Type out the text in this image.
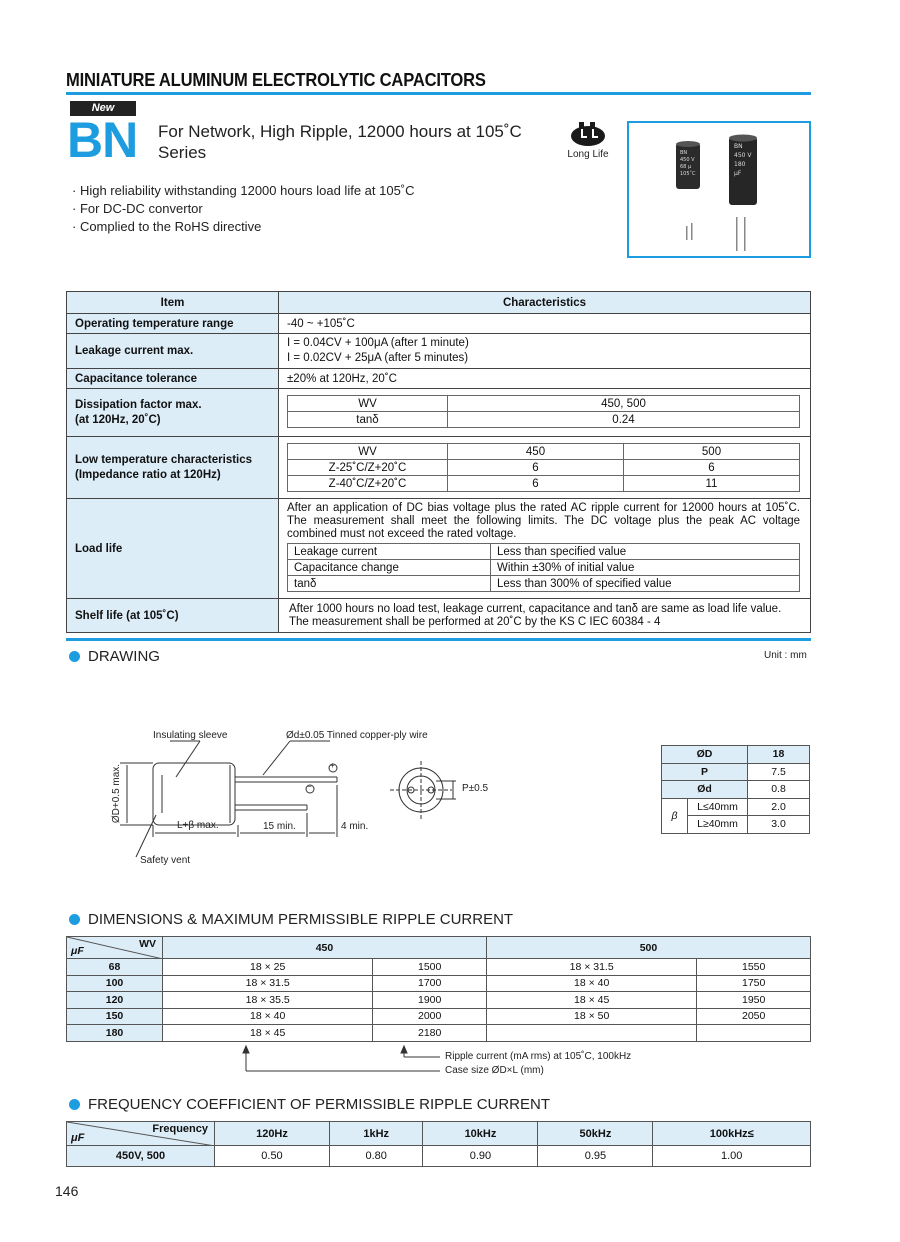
MINIATURE ALUMINUM ELECTROLYTIC CAPACITORS
New
BN For Network, High Ripple, 12000 hours at 105˚C
Series	Long Life	BN
450 V
68 μ
105˚C
BN
450 V
180
μF
· High reliability withstanding 12000 hours load life at 105˚C
· For DC-DC convertor
· Complied to the RoHS directive
Item	Characteristics
Operating temperature range	-40 ~ +105˚C
Leakage current max.	
I = 0.04CV + 100μA (after 1 minute)
I = 0.02CV + 25μA (after 5 minutes)

Capacitance tolerance	±20% at 120Hz, 20˚C

Dissipation factor max.
(at 120Hz, 20˚C)

WV	450, 500
tanδ	0.24

Low temperature characteristics
(Impedance ratio at 120Hz)

WV	450	500
Z-25˚C/Z+20˚C	6	6
Z-40˚C/Z+20˚C	6	11

Load life	
After an application of DC bias voltage plus the rated AC ripple current for 12000 hours at 105˚C. The measurement shall meet the following limits. The DC voltage plus the peak AC voltage combined must not exceed the rated voltage.
Leakage current	Less than specified value
Capacitance change	Within ±30% of initial value
tanδ	Less than 300% of specified value

Shelf life (at 105˚C)	
After 1000 hours no load test, leakage current, capacitance and tanδ are same as load life value.
The measurement shall be performed at 20˚C by the KS C IEC 60384 - 4
DRAWING	Unit : mm
Insulating sleeve	Ød±0.05 Tinned copper-ply wire
ØD+0.5 max.
L+β max.	15 min.	4 min.
Safety vent
P±0.5
+
−
ØD		18
P		7.5
Ød		0.8
β	L≤40mm	2.0
	L≥40mm	3.0
DIMENSIONS & MAXIMUM PERMISSIBLE RIPPLE CURRENT
WV
μF	450		500	
68	18 × 25	1500	18 × 31.5	1550
100	18 × 31.5	1700	18 × 40	1750
120	18 × 35.5	1900	18 × 45	1950
150	18 × 40	2000	18 × 50	2050
180	18 × 45	2180		
Ripple current (mA rms) at 105˚C, 100kHz
Case size ØD×L (mm)
FREQUENCY COEFFICIENT OF PERMISSIBLE RIPPLE CURRENT
Frequency
μF	120Hz	1kHz	10kHz	50kHz	100kHz≤
450V, 500	0.50	0.80	0.90	0.95	1.00
146
